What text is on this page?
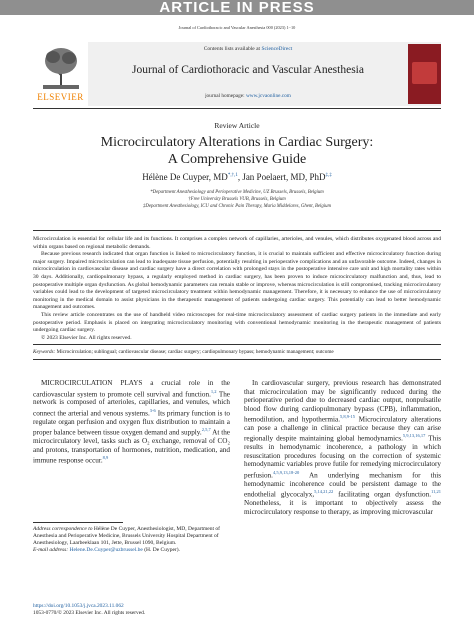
ARTICLE IN PRESS
Journal of Cardiothoracic and Vascular Anesthesia 000 (2023) 1−10
ELSEVIER
Contents lists available at ScienceDirect
Journal of Cardiothoracic and Vascular Anesthesia
journal homepage: www.jcvaonline.com
Review Article
Microcirculatory Alterations in Cardiac Surgery:
A Comprehensive Guide
Hélène De Cuyper, $MD^{*,\dagger,1}$, Jan Poelaert, MD, PhD‡,‡
*Department Anesthesiology and Perioperative Medicine, UZ Brussels, Brussels, Belgium
†Free University Brussels VUB, Brussels, Belgium
‡Department Anesthesiology, ICU and Chronic Pain Therapy, Maria Middelares, Ghent, Belgium

Microcirculation is essential for cellular life and its functions. It comprises a complex network of capillaries, arterioles, and venules, which distributes oxygenated blood across and within organs based on regional metabolic demands.

Because previous research indicated that organ function is linked to microcirculatory function, it is crucial to maintain sufficient and effective microcirculatory function during major surgery. Impaired microcirculation can lead to inadequate tissue perfusion, potentially resulting in perioperative complications and an unfavorable outcome. Indeed, changes in microcirculation in cardiovascular disease and cardiac surgery have a direct correlation with prolonged stays in the postoperative intensive care unit and high mortality rates within 30 days. Additionally, cardiopulmonary bypass, a regularly employed method in cardiac surgery, has been proven to induce microcirculatory malfunction and, thus, lead to postoperative multiple organ dysfunction. As global hemodynamic parameters can remain stable or improve, whereas microcirculation is still compromised, tracking microcirculatory variables could lead to the development of targeted microcirculatory treatment within hemodynamic management. Therefore, it is necessary to enhance the use of microcirculatory monitoring in the medical domain to assist physicians in the therapeutic management of patients undergoing cardiac surgery. This potentially can lead to better hemodynamic management and outcomes.

This review article concentrates on the use of handheld video microscopes for real-time microcirculatory assessment of cardiac surgery patients in the immediate and early postoperative period. Emphasis is placed on integrating microcirculatory monitoring with conventional hemodynamic monitoring in the therapeutic management of patients undergoing cardiac surgery.

© 2023 Elsevier Inc. All rights reserved.

Keywords: Microcirculation; sublingual; cardiovascular disease; cardiac surgery; cardiopulmonary bypass; hemodynamic management; outcome

MICROCIRCULATION PLAYS a crucial role in the cardiovascular system to promote cell survival and function.$^{1,2}$ The network is composed of arterioles, capillaries, and venules, which connect the arterial and venous systems.$^{3-6}$ Its primary function is to regulate organ perfusion and oxygen flux distribution to maintain a proper balance between tissue oxygen demand and supply.$^{2,5,7}$ At the microcirculatory level, tasks such as O₂ exchange, removal of CO₂ and protons, transportation of hormones, nutrition, medication, and immune response occur.$^{8,9}$

In cardiovascular surgery, previous research has demonstrated that microcirculation may be significantly reduced during the perioperative period due to decreased cardiac output, nonpulsatile blood flow during cardiopulmonary bypass (CPB), inflammation, hemodilution, and hypothermia.$^{5,8,9-15}$ Microcirculatory alterations can pose a challenge in clinical practice because they can arise regionally despite maintaining global hemodynamics.$^{5,9,13,16,17}$ This results in hemodynamic incoherence, a pathology in which resuscitation procedures focusing on the correction of systemic hemodynamic variables prove futile for remedying microcirculatory perfusion.$^{4,5,9,13,18-20}$ An underlying mechanism for this hemodynamic incoherence could be persistent damage to the endothelial glycocalyx,$^{5,14,21,22}$ facilitating organ dysfunction.$^{11,21}$ Nonetheless, it is important to objectively assess the microcirculatory response to therapy, as improving microvascular

Address correspondence to Hélène De Cuyper, Anesthesiologist, MD, Department of Anesthesia and Perioperative Medicine, Brussels University Hospital Department of Anesthesiology, Laarbeeklaan 101, Jette, Brussel 1090, Belgium.

E-mail address: Helene.De.Cuyper@uzbrussel.be (H. De Cuyper).

https://doi.org/10.1053/j.jvca.2023.11.062
1053-0770/© 2023 Elsevier Inc. All rights reserved.
